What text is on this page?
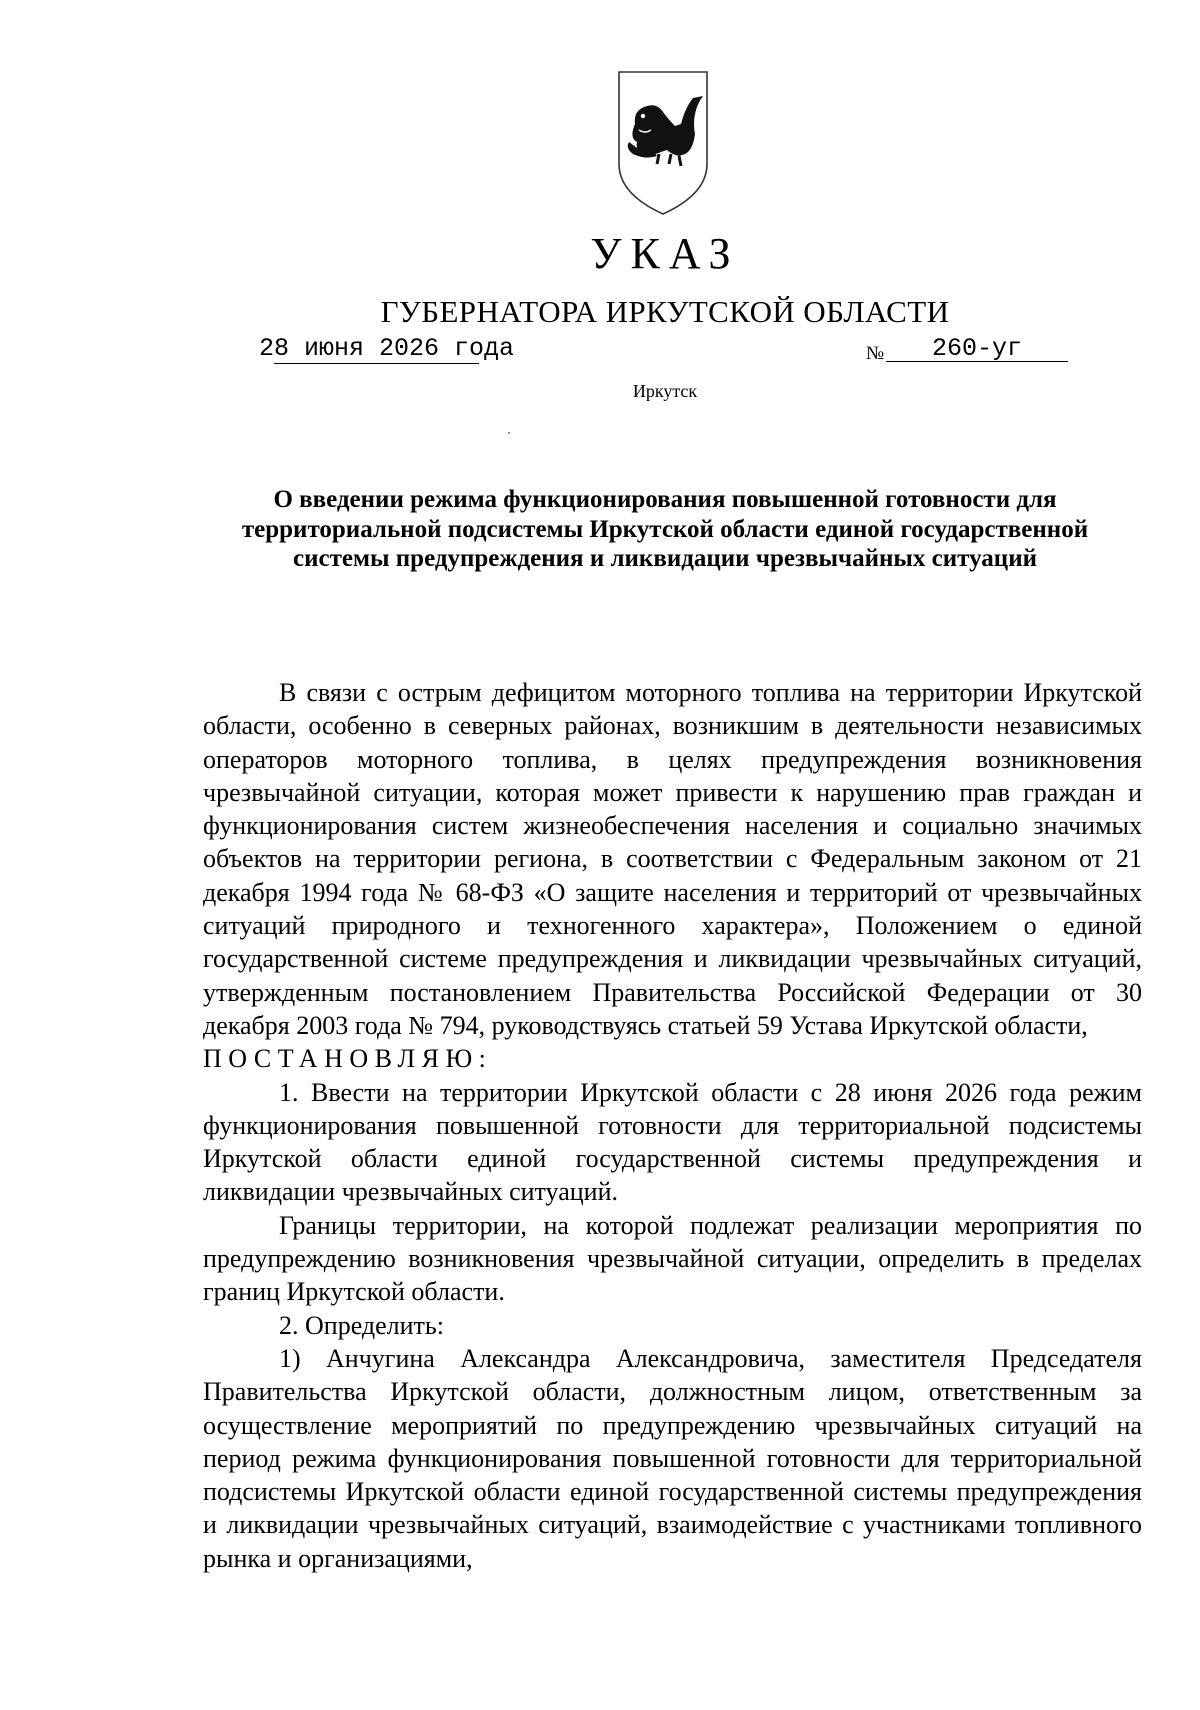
УКАЗ
ГУБЕРНАТОРА ИРКУТСКОЙ ОБЛАСТИ
28 июня 2026 года	№ 260-уг
Иркутск
О введении режима функционирования повышенной готовности для территориальной подсистемы Иркутской области единой государственной системы предупреждения и ликвидации чрезвычайных ситуаций

В связи с острым дефицитом моторного топлива на территории Иркутской области, особенно в северных районах, возникшим в деятельности независимых операторов моторного топлива, в целях предупреждения возникновения чрезвычайной ситуации, которая может привести к нарушению прав граждан и функционирования систем жизнеобеспечения населения и социально значимых объектов на территории региона, в соответствии с Федеральным законом от 21 декабря 1994 года № 68-ФЗ «О защите населения и территорий от чрезвычайных ситуаций природного и техногенного характера», Положением о единой государственной системе предупреждения и ликвидации чрезвычайных ситуаций, утвержденным постановлением Правительства Российской Федерации от 30 декабря 2003 года № 794, руководствуясь статьей 59 Устава Иркутской области,

ПОСТАНОВЛЯЮ:

1. Ввести на территории Иркутской области с 28 июня 2026 года режим функционирования повышенной готовности для территориальной подсистемы Иркутской области единой государственной системы предупреждения и ликвидации чрезвычайных ситуаций.

Границы территории, на которой подлежат реализации мероприятия по предупреждению возникновения чрезвычайной ситуации, определить в пределах границ Иркутской области.

2. Определить:

1) Анчугина Александра Александровича, заместителя Председателя Правительства Иркутской области, должностным лицом, ответственным за осуществление мероприятий по предупреждению чрезвычайных ситуаций на период режима функционирования повышенной готовности для территориальной подсистемы Иркутской области единой государственной системы предупреждения и ликвидации чрезвычайных ситуаций, взаимодействие с участниками топливного рынка и организациями,
